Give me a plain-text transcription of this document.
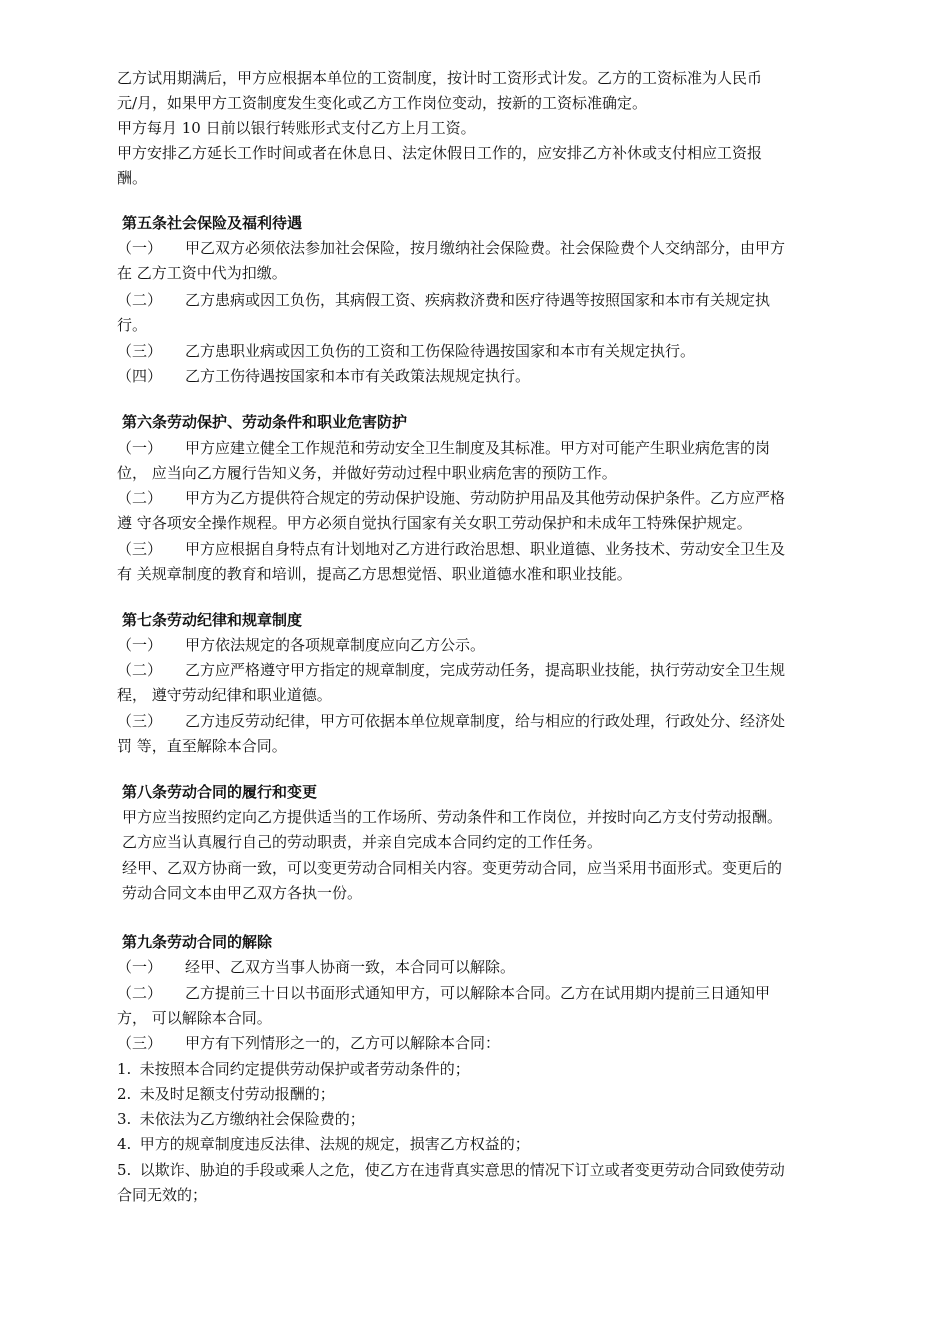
乙方试用期满后，甲方应根据本单位的工资制度，按计时工资形式计发。乙方的工资标准为人民币
元/月，如果甲方工资制度发生变化或乙方工作岗位变动，按新的工资标准确定。
甲方每月 10 日前以银行转账形式支付乙方上月工资。
甲方安排乙方延长工作时间或者在休息日、法定休假日工作的，应安排乙方补休或支付相应工资报
酬。
第五条社会保险及福利待遇
（一） 甲乙双方必须依法参加社会保险，按月缴纳社会保险费。社会保险费个人交纳部分，由甲方
在 乙方工资中代为扣缴。
（二） 乙方患病或因工负伤，其病假工资、疾病救济费和医疗待遇等按照国家和本市有关规定执
行。
（三） 乙方患职业病或因工负伤的工资和工伤保险待遇按国家和本市有关规定执行。
（四） 乙方工伤待遇按国家和本市有关政策法规规定执行。
第六条劳动保护、劳动条件和职业危害防护
（一） 甲方应建立健全工作规范和劳动安全卫生制度及其标准。甲方对可能产生职业病危害的岗
位， 应当向乙方履行告知义务，并做好劳动过程中职业病危害的预防工作。
（二） 甲方为乙方提供符合规定的劳动保护设施、劳动防护用品及其他劳动保护条件。乙方应严格
遵 守各项安全操作规程。甲方必须自觉执行国家有关女职工劳动保护和未成年工特殊保护规定。
（三） 甲方应根据自身特点有计划地对乙方进行政治思想、职业道德、业务技术、劳动安全卫生及
有 关规章制度的教育和培训，提高乙方思想觉悟、职业道德水准和职业技能。
第七条劳动纪律和规章制度
（一） 甲方依法规定的各项规章制度应向乙方公示。
（二） 乙方应严格遵守甲方指定的规章制度，完成劳动任务，提高职业技能，执行劳动安全卫生规
程， 遵守劳动纪律和职业道德。
（三） 乙方违反劳动纪律，甲方可依据本单位规章制度，给与相应的行政处理，行政处分、经济处
罚 等，直至解除本合同。
第八条劳动合同的履行和变更
甲方应当按照约定向乙方提供适当的工作场所、劳动条件和工作岗位，并按时向乙方支付劳动报酬。
乙方应当认真履行自己的劳动职责，并亲自完成本合同约定的工作任务。
经甲、乙双方协商一致，可以变更劳动合同相关内容。变更劳动合同，应当采用书面形式。变更后的
劳动合同文本由甲乙双方各执一份。
第九条劳动合同的解除
（一） 经甲、乙双方当事人协商一致，本合同可以解除。
（二） 乙方提前三十日以书面形式通知甲方，可以解除本合同。乙方在试用期内提前三日通知甲
方， 可以解除本合同。
（三） 甲方有下列情形之一的，乙方可以解除本合同：
1. 未按照本合同约定提供劳动保护或者劳动条件的；
2. 未及时足额支付劳动报酬的；
3. 未依法为乙方缴纳社会保险费的；
4. 甲方的规章制度违反法律、法规的规定，损害乙方权益的；
5. 以欺诈、胁迫的手段或乘人之危，使乙方在违背真实意思的情况下订立或者变更劳动合同致使劳动
合同无效的；
